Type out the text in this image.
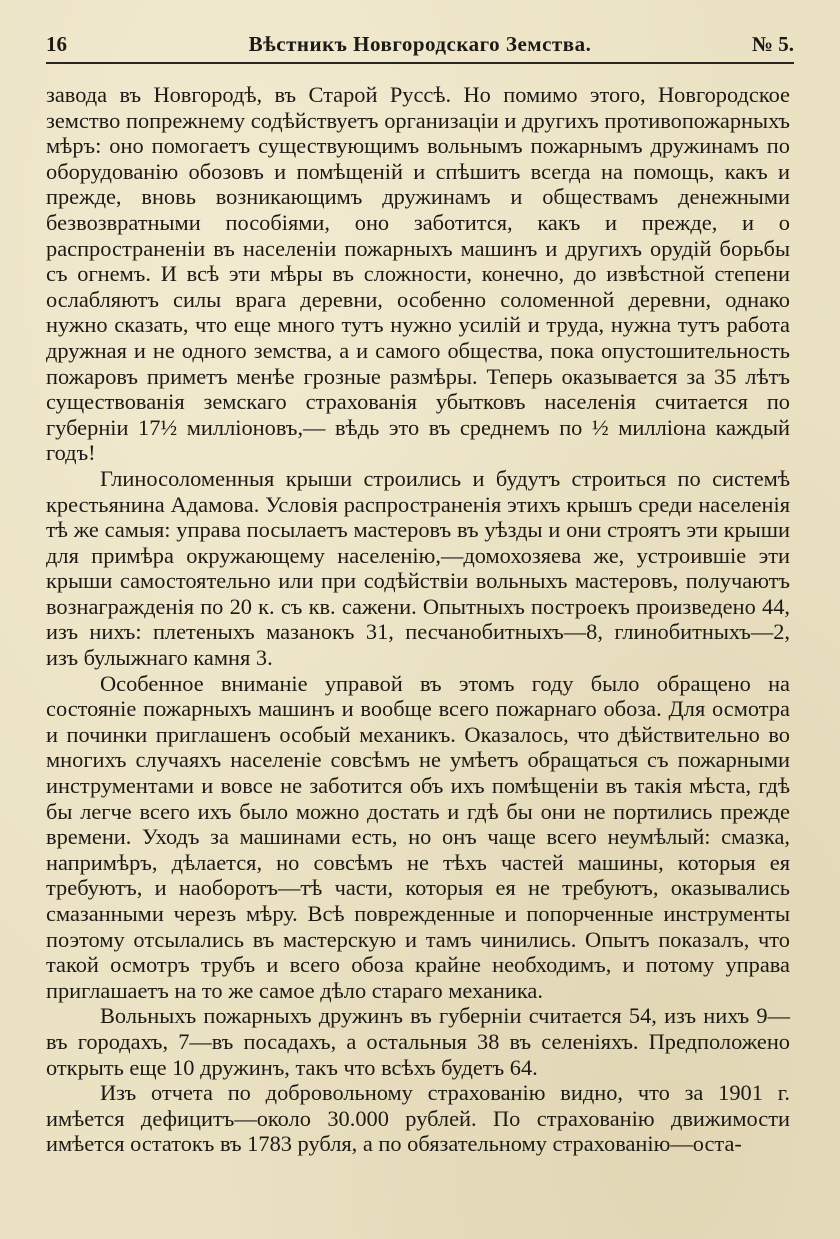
16	Вѣстникъ Новгородскаго Земства.	№ 5.

завода въ Новгородѣ, въ Старой Руссѣ. Но помимо этого, Новгородское земство попрежнему содѣйствуетъ организаціи и другихъ противопожарныхъ мѣръ: оно помогаетъ существующимъ вольнымъ пожарнымъ дружинамъ по оборудованію обозовъ и помѣщеній и спѣшитъ всегда на помощь, какъ и прежде, вновь возникающимъ дружинамъ и обществамъ денежными безвозвратными пособіями, оно заботится, какъ и прежде, и о распространеніи въ населеніи пожарныхъ машинъ и другихъ орудій борьбы съ огнемъ. И всѣ эти мѣры въ сложности, конечно, до извѣстной степени ослабляютъ силы врага деревни, особенно соломенной деревни, однако нужно сказать, что еще много тутъ нужно усилій и труда, нужна тутъ работа дружная и не одного земства, а и самого общества, пока опустошительность пожаровъ приметъ менѣе грозные размѣры. Теперь оказывается за 35 лѣтъ существованія земскаго страхованія убытковъ населенія считается по губерніи 17½ милліоновъ,— вѣдь это въ среднемъ по ½ милліона каждый годъ!

Глиносоломенныя крыши строились и будутъ строиться по системѣ крестьянина Адамова. Условія распространенія этихъ крышъ среди населенія тѣ же самыя: управа посылаетъ мастеровъ въ уѣзды и они строятъ эти крыши для примѣра окружающему населенію,—домохозяева же, устроившіе эти крыши самостоятельно или при содѣйствіи вольныхъ мастеровъ, получаютъ вознагражденія по 20 к. съ кв. сажени. Опытныхъ построекъ произведено 44, изъ нихъ: плетеныхъ мазанокъ 31, песчанобитныхъ—8, глинобитныхъ—2, изъ булыжнаго камня 3.

Особенное вниманіе управой въ этомъ году было обращено на состояніе пожарныхъ машинъ и вообще всего пожарнаго обоза. Для осмотра и починки приглашенъ особый механикъ. Оказалось, что дѣйствительно во многихъ случаяхъ населеніе совсѣмъ не умѣетъ обращаться съ пожарными инструментами и вовсе не заботится объ ихъ помѣщеніи въ такія мѣста, гдѣ бы легче всего ихъ было можно достать и гдѣ бы они не портились прежде времени. Уходъ за машинами есть, но онъ чаще всего неумѣлый: смазка, напримѣръ, дѣлается, но совсѣмъ не тѣхъ частей машины, которыя ея требуютъ, и наоборотъ—тѣ части, которыя ея не требуютъ, оказывались смазанными черезъ мѣру. Всѣ поврежденные и попорченные инструменты поэтому отсылались въ мастерскую и тамъ чинились. Опытъ показалъ, что такой осмотръ трубъ и всего обоза крайне необходимъ, и потому управа приглашаетъ на то же самое дѣло стараго механика.

Вольныхъ пожарныхъ дружинъ въ губерніи считается 54, изъ нихъ 9—въ городахъ, 7—въ посадахъ, а остальныя 38 въ селеніяхъ. Предположено открыть еще 10 дружинъ, такъ что всѣхъ будетъ 64.

Изъ отчета по добровольному страхованію видно, что за 1901 г. имѣется дефицитъ—около 30.000 рублей. По страхованію движимости имѣется остатокъ въ 1783 рубля, а по обязательному страхованію—оста-
